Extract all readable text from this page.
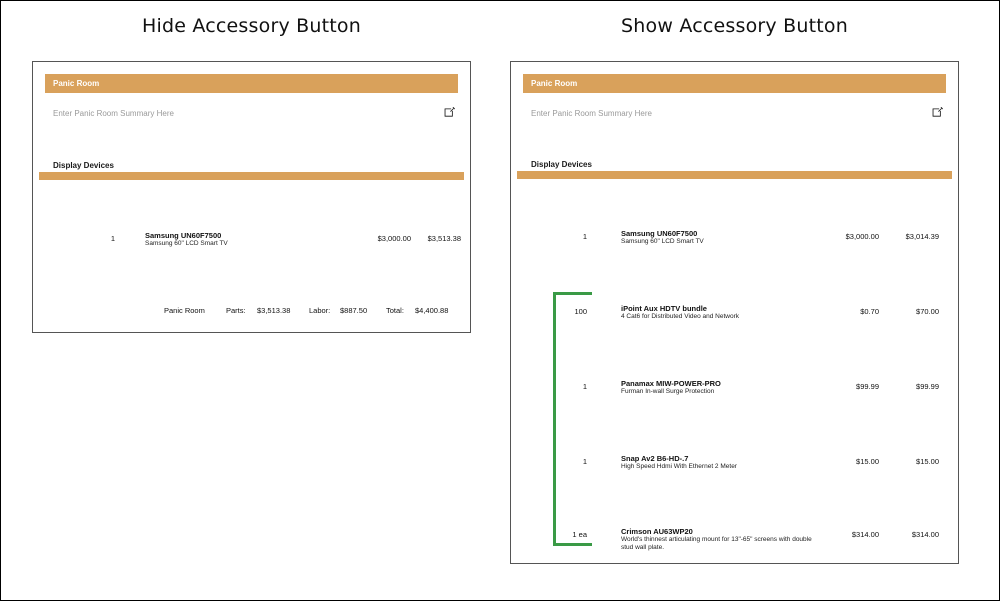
Hide Accessory Button
Panic Room
Enter Panic Room Summary Here
Display Devices
1	Samsung UN60F7500
Samsung 60" LCD Smart TV
$3,000.00	$3,513.38
Panic Room	Parts: $3,513.38 Labor: $887.50	Total: $4,400.88
Show Accessory Button
Panic Room
Enter Panic Room Summary Here
Display Devices
1	Samsung UN60F7500
Samsung 60" LCD Smart TV
$3,000.00	$3,014.39
100	iPoint Aux HDTV bundle
4 Cat6 for Distributed Video and Network
$0.70	$70.00
1	Panamax MIW-POWER-PRO
Furman In-wall Surge Protection
$99.99	$99.99
1	Snap Av2 B6-HD-.7
High Speed Hdmi With Ethernet 2 Meter
$15.00	$15.00
1 ea	Crimson AU63WP20
World's thinnest articulating mount for 13"-65" screens with double stud wall plate.
$314.00	$314.00
